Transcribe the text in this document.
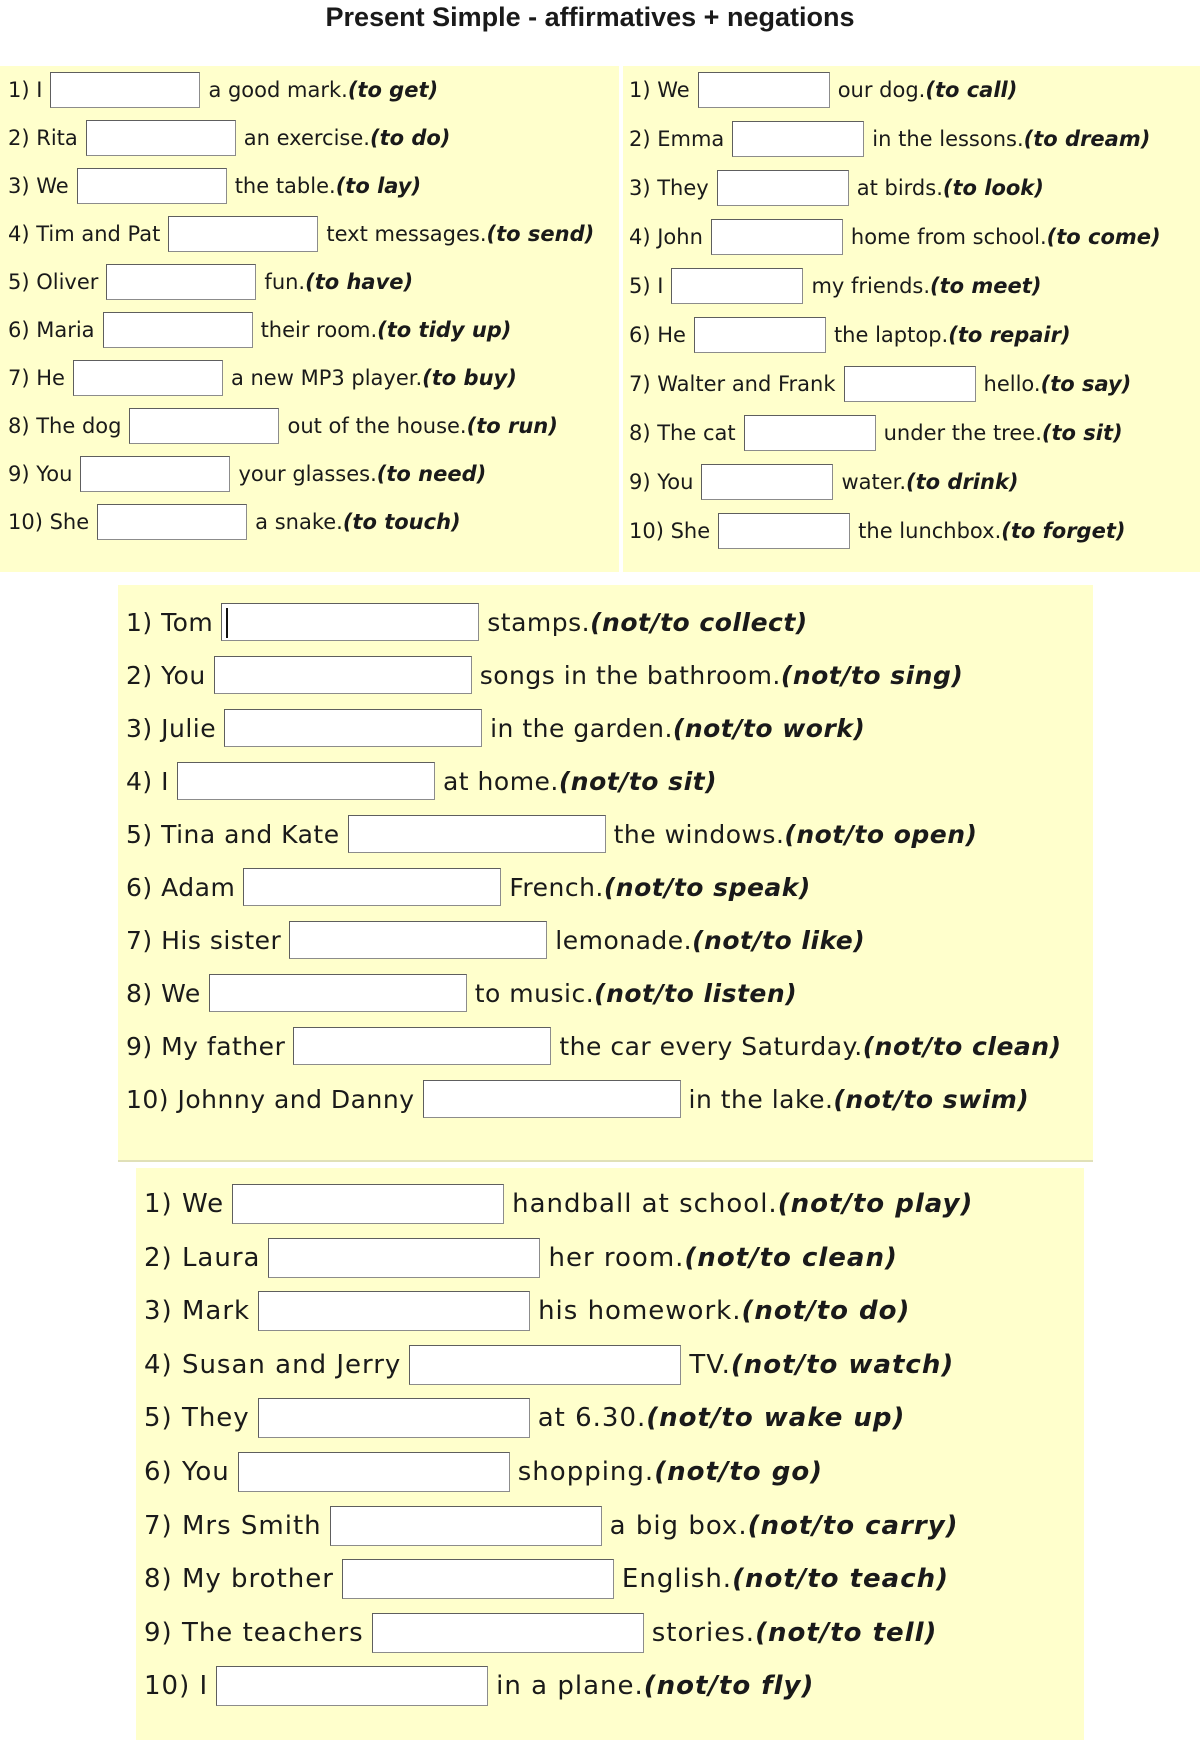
Present Simple - affirmatives + negations
1) I	a good mark. (to get)
2) Rita	an exercise. (to do)
3) We	the table. (to lay)
4) Tim and Pat	text messages. (to send)
5) Oliver	fun. (to have)
6) Maria	their room. (to tidy up)
7) He	a new MP3 player. (to buy)
8) The dog	out of the house. (to run)
9) You	your glasses. (to need)
10) She	a snake. (to touch)
1) We	our dog. (to call)
2) Emma	in the lessons. (to dream)
3) They	at birds. (to look)
4) John	home from school. (to come)
5) I	my friends. (to meet)
6) He	the laptop. (to repair)
7) Walter and Frank	hello. (to say)
8) The cat	under the tree. (to sit)
9) You	water. (to drink)
10) She	the lunchbox. (to forget)
1) Tom	stamps. (not/to collect)
2) You	songs in the bathroom. (not/to sing)
3) Julie	in the garden. (not/to work)
4) I	at home. (not/to sit)
5) Tina and Kate	the windows. (not/to open)
6) Adam	French. (not/to speak)
7) His sister	lemonade. (not/to like)
8) We	to music. (not/to listen)
9) My father	the car every Saturday. (not/to clean)
10) Johnny and Danny	in the lake. (not/to swim)
1) We	handball at school. (not/to play)
2) Laura	her room. (not/to clean)
3) Mark	his homework. (not/to do)
4) Susan and Jerry	TV. (not/to watch)
5) They	at 6.30. (not/to wake up)
6) You	shopping. (not/to go)
7) Mrs Smith	a big box. (not/to carry)
8) My brother	English. (not/to teach)
9) The teachers	stories. (not/to tell)
10) I	in a plane. (not/to fly)
